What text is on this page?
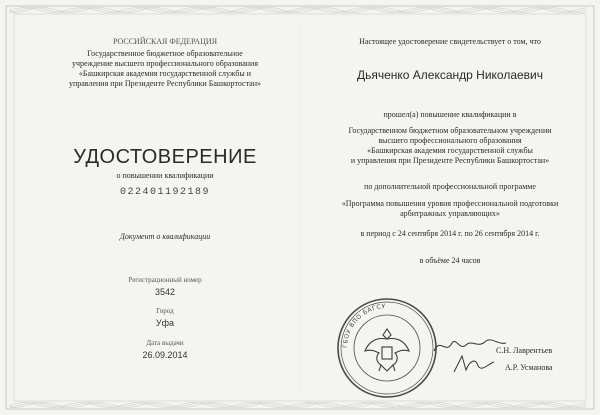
РОССИЙСКАЯ ФЕДЕРАЦИЯ
Государственное бюджетное образовательное
учреждение высшего профессионального образования
«Башкирская академия государственной службы и
управления при Президенте Республики Башкортостан»
УДОСТОВЕРЕНИЕ
о повышении квалификации
022401192189
Документ о квалификации
Регистрационный номер
3542
Город
Уфа
Дата выдачи
26.09.2014
Настоящее удостоверение свидетельствует о том, что
Дьяченко Александр Николаевич
прошел(а) повышение квалификации в
Государственном бюджетном образовательном учреждении
высшего профессионального образования
«Башкирская академия государственной службы
и управления при Президенте Республики Башкортостан»
по дополнительной профессиональной программе
«Программа повышения уровня профессиональной подготовки
арбитражных управляющих»
в период с 24 сентября 2014 г. по 26 сентября 2014 г.
в объёме 24 часов
ГБОУ ВПО БАГСУ
С.Н. Лаврентьев
А.Р. Усманова
